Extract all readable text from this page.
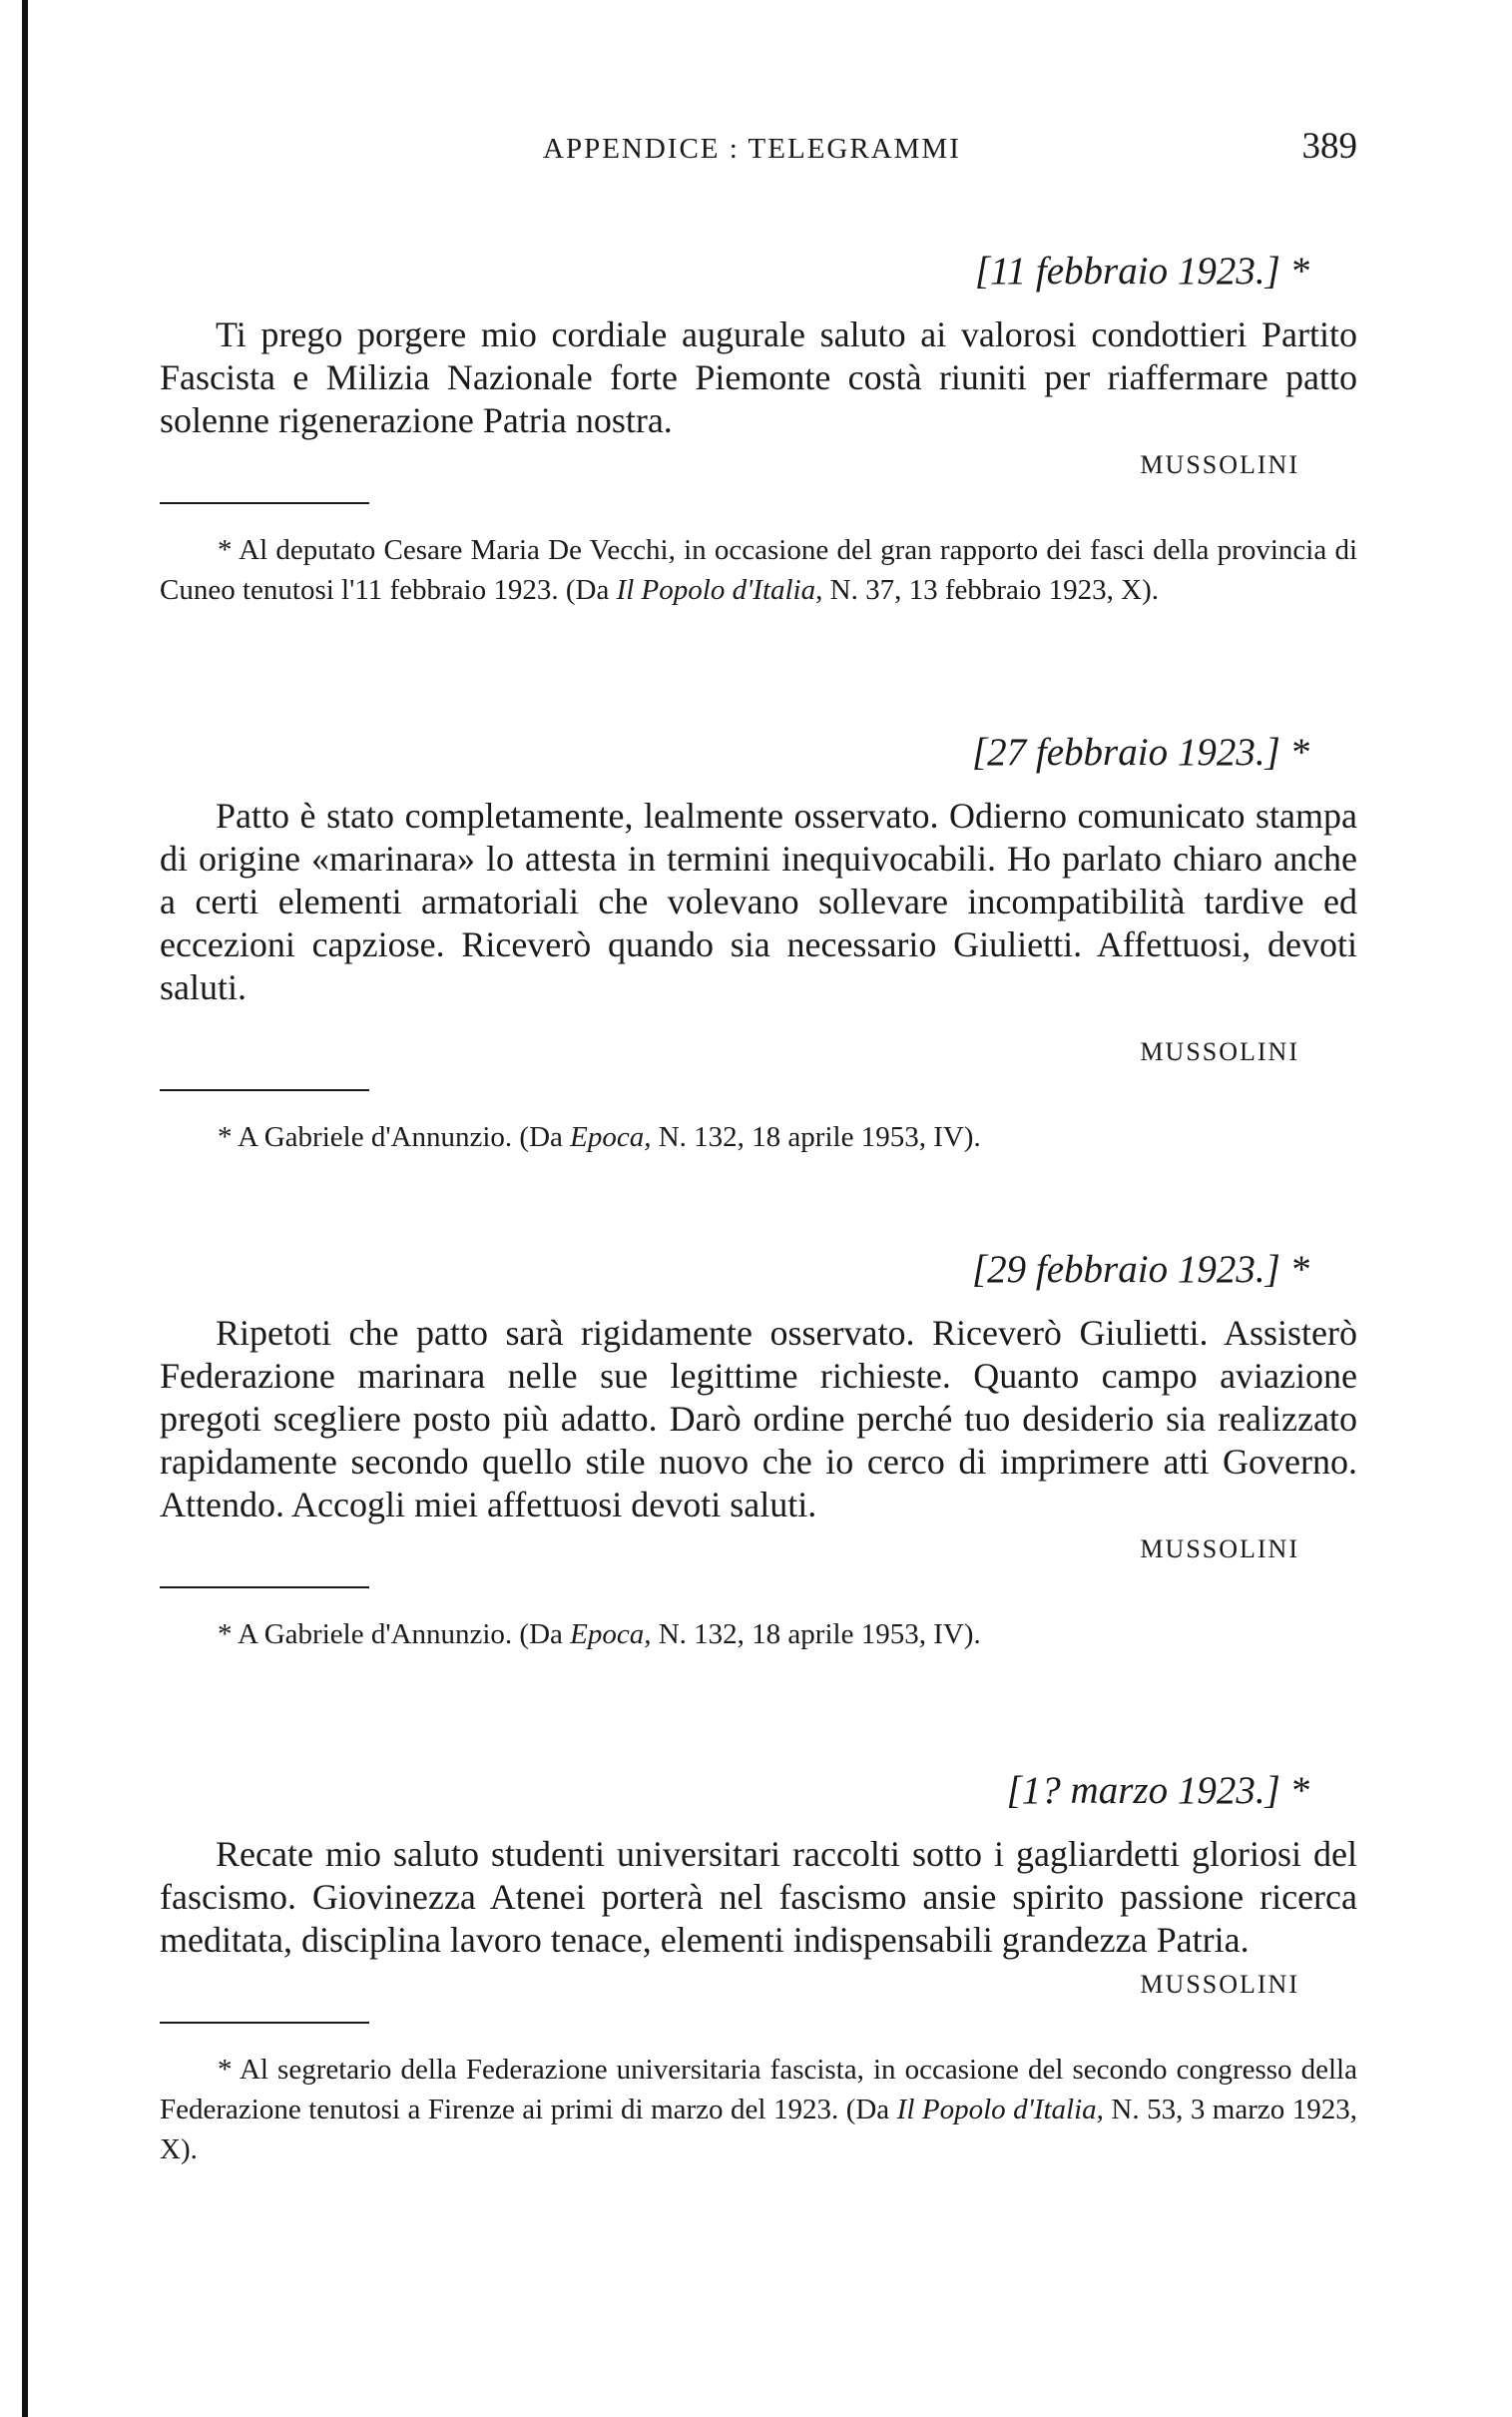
APPENDICE : TELEGRAMMI	389
[11 febbraio 1923.] *
Ti prego porgere mio cordiale augurale saluto ai valorosi condottieri Partito Fascista e Milizia Nazionale forte Piemonte costà riuniti per riaffermare patto solenne rigenerazione Patria nostra.
MUSSOLINI
* Al deputato Cesare Maria De Vecchi, in occasione del gran rapporto dei fasci della provincia di Cuneo tenutosi l'11 febbraio 1923. (Da Il Popolo d'Italia, N. 37, 13 febbraio 1923, X).
[27 febbraio 1923.] *
Patto è stato completamente, lealmente osservato. Odierno comunicato stampa di origine «marinara» lo attesta in termini inequivocabili. Ho parlato chiaro anche a certi elementi armatoriali che volevano sollevare incompatibilità tardive ed eccezioni capziose. Riceverò quando sia necessario Giulietti. Affettuosi, devoti saluti.
MUSSOLINI
* A Gabriele d'Annunzio. (Da Epoca, N. 132, 18 aprile 1953, IV).
[29 febbraio 1923.] *
Ripetoti che patto sarà rigidamente osservato. Riceverò Giulietti. Assisterò Federazione marinara nelle sue legittime richieste. Quanto campo aviazione pregoti scegliere posto più adatto. Darò ordine perché tuo desiderio sia realizzato rapidamente secondo quello stile nuovo che io cerco di imprimere atti Governo. Attendo. Accogli miei affettuosi devoti saluti.
MUSSOLINI
* A Gabriele d'Annunzio. (Da Epoca, N. 132, 18 aprile 1953, IV).
[1? marzo 1923.] *
Recate mio saluto studenti universitari raccolti sotto i gagliardetti gloriosi del fascismo. Giovinezza Atenei porterà nel fascismo ansie spirito passione ricerca meditata, disciplina lavoro tenace, elementi indispensabili grandezza Patria.
MUSSOLINI
* Al segretario della Federazione universitaria fascista, in occasione del secondo congresso della Federazione tenutosi a Firenze ai primi di marzo del 1923. (Da Il Popolo d'Italia, N. 53, 3 marzo 1923, X).
